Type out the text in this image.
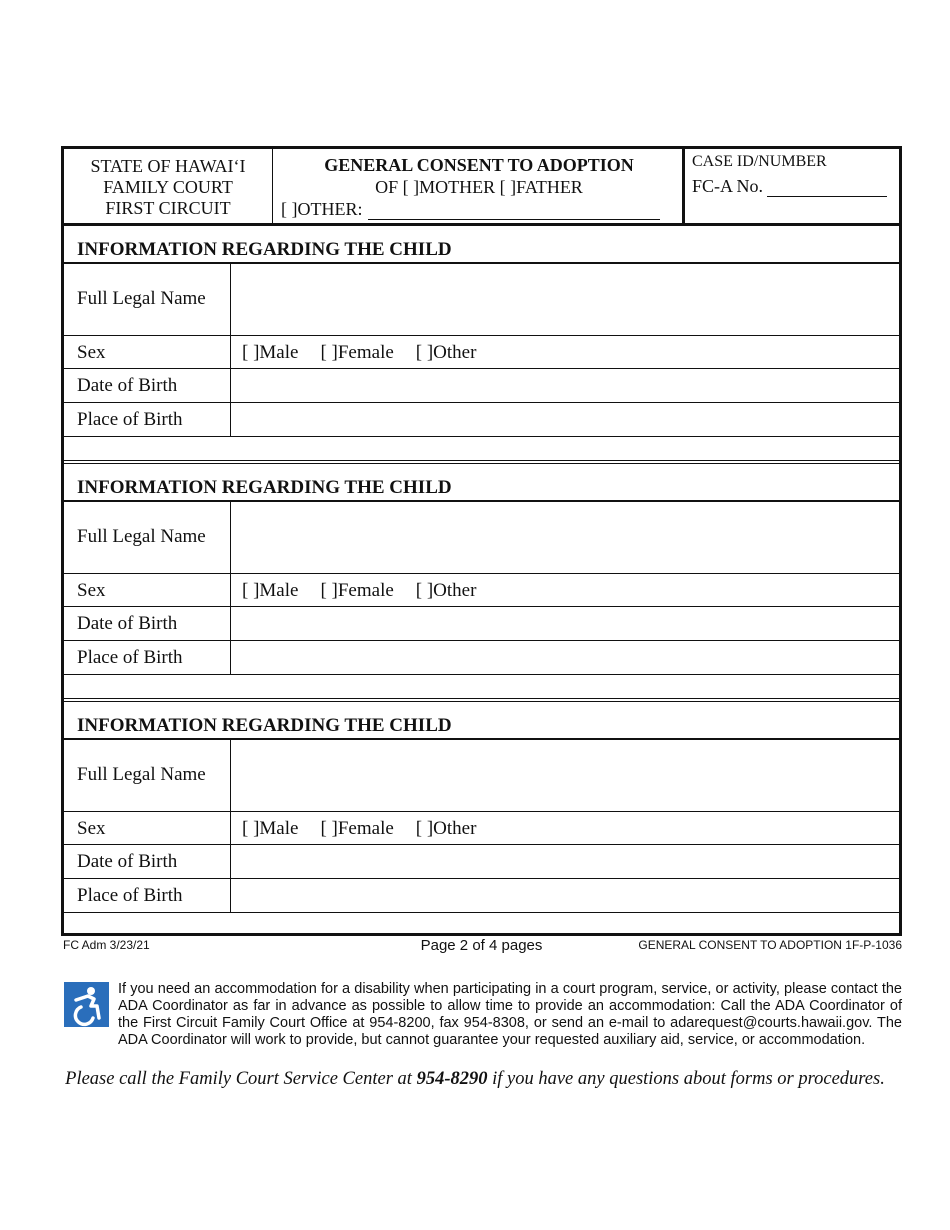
STATE OF HAWAI‘I
FAMILY COURT
FIRST CIRCUIT
GENERAL CONSENT TO ADOPTION
OF [ ]MOTHER [ ]FATHER
[ ]OTHER:
CASE ID/NUMBER
FC-A No.
INFORMATION REGARDING THE CHILD
Full Legal Name
Sex	[ ]Male [ ]Female [ ]Other
Date of Birth
Place of Birth
INFORMATION REGARDING THE CHILD
Full Legal Name
Sex	[ ]Male [ ]Female [ ]Other
Date of Birth
Place of Birth
INFORMATION REGARDING THE CHILD
Full Legal Name
Sex	[ ]Male [ ]Female [ ]Other
Date of Birth
Place of Birth
FC Adm 3/23/21	Page 2 of 4 pages	GENERAL CONSENT TO ADOPTION 1F-P-1036
If you need an accommodation for a disability when participating in a court program, service, or activity, please contact the ADA Coordinator as far in advance as possible to allow time to provide an accommodation: Call the ADA Coordinator of the First Circuit Family Court Office at 954-8200, fax 954-8308, or send an e-mail to adarequest@courts.hawaii.gov. The ADA Coordinator will work to provide, but cannot guarantee your requested auxiliary aid, service, or accommodation.
Please call the Family Court Service Center at 954-8290 if you have any questions about forms or procedures.
